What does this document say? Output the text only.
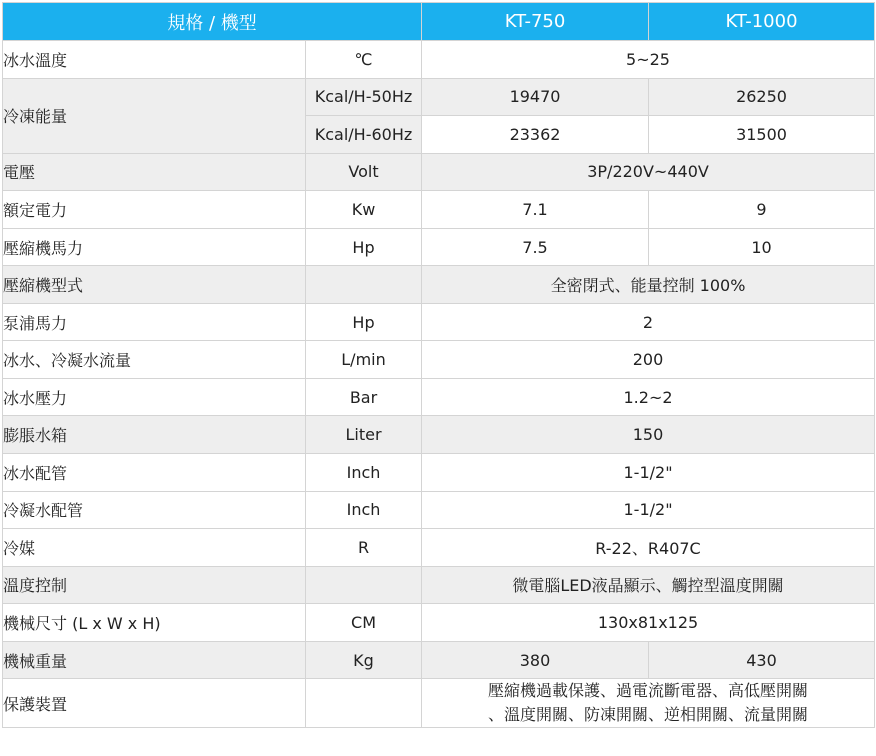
規格 / 機型		KT-750	KT-1000
冰水溫度	℃	5~25	
冷凍能量	Kcal/H-50Hz	19470	26250
	Kcal/H-60Hz	23362	31500
電壓	Volt	3P/220V~440V	
額定電力	Kw	7.1	9
壓縮機馬力	Hp	7.5	10
壓縮機型式		全密閉式、能量控制 100%	
泵浦馬力	Hp	2	
冰水、冷凝水流量	L/min	200	
冰水壓力	Bar	1.2~2	
膨脹水箱	Liter	150	
冰水配管	Inch	1-1/2"	
冷凝水配管	Inch	1-1/2"	
冷媒	R	R-22、R407C	
溫度控制		微電腦LED液晶顯示、觸控型溫度開關	
機械尺寸 (L x W x H)	CM	130x81x125	
機械重量	Kg	380	430
保護裝置		壓縮機過載保護、過電流斷電器、高低壓開關
、溫度開關、防凍開關、逆相開關、流量開關	
